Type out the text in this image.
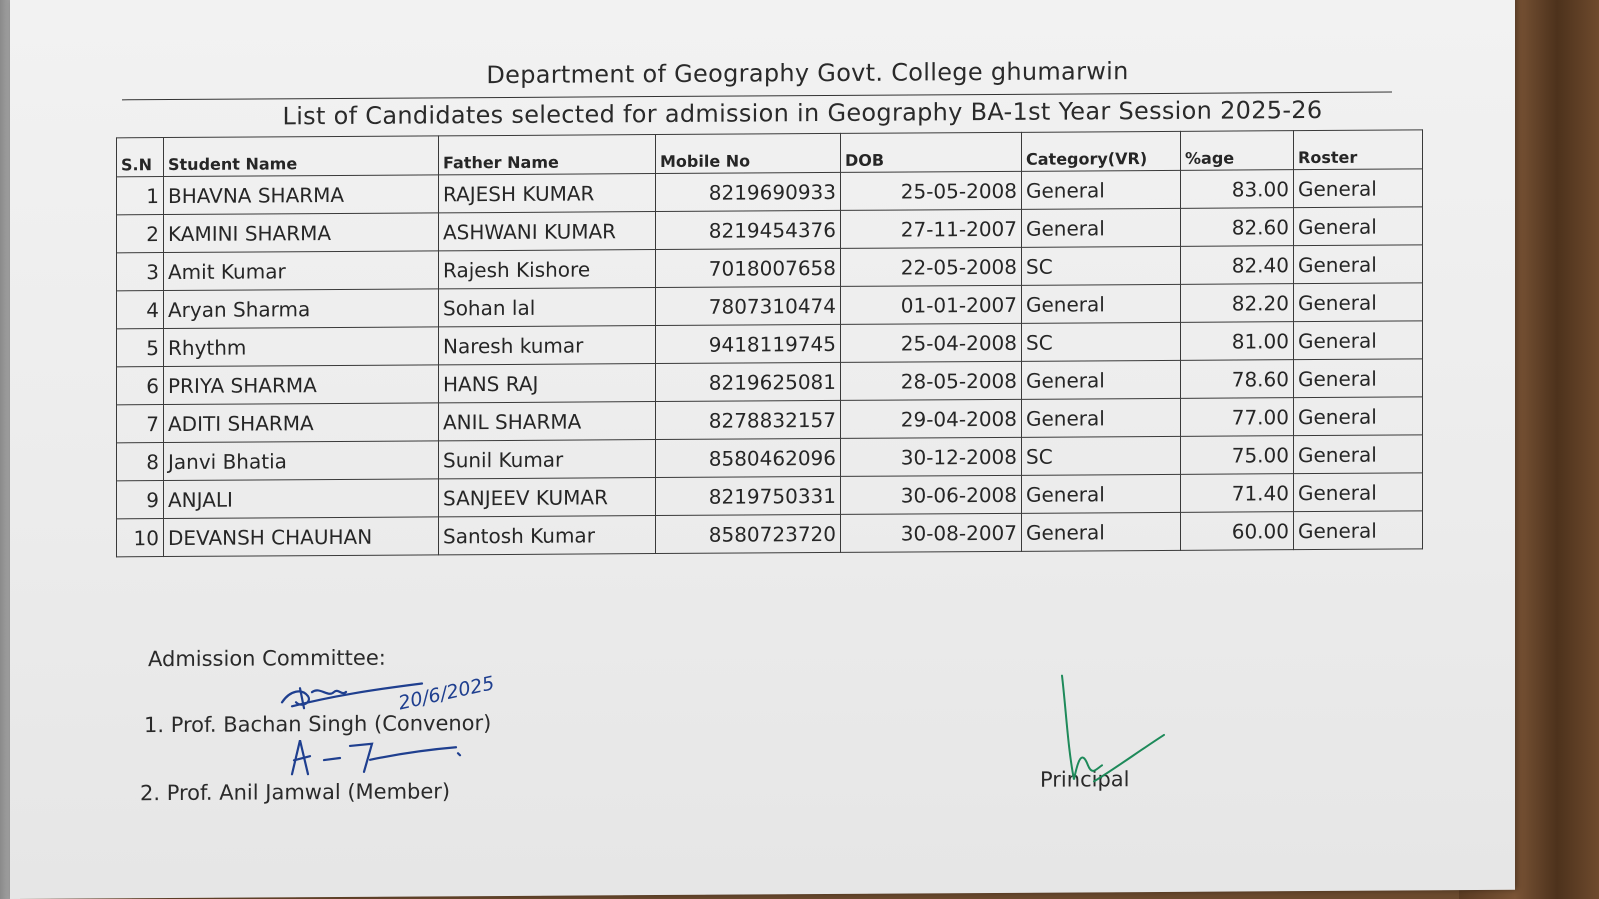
Department of Geography Govt. College ghumarwin
List of Candidates selected for admission in Geography BA-1st Year Session 2025-26
S.N	Student Name	Father Name	Mobile No	DOB	Category(VR)	%age	Roster
1	BHAVNA SHARMA	RAJESH KUMAR	8219690933	25-05-2008	General	83.00	General
2	KAMINI SHARMA	ASHWANI KUMAR	8219454376	27-11-2007	General	82.60	General
3	Amit Kumar	Rajesh Kishore	7018007658	22-05-2008	SC	82.40	General
4	Aryan Sharma	Sohan lal	7807310474	01-01-2007	General	82.20	General
5	Rhythm	Naresh kumar	9418119745	25-04-2008	SC	81.00	General
6	PRIYA SHARMA	HANS RAJ	8219625081	28-05-2008	General	78.60	General
7	ADITI SHARMA	ANIL SHARMA	8278832157	29-04-2008	General	77.00	General
8	Janvi Bhatia	Sunil Kumar	8580462096	30-12-2008	SC	75.00	General
9	ANJALI	SANJEEV KUMAR	8219750331	30-06-2008	General	71.40	General
10	DEVANSH CHAUHAN	Santosh Kumar	8580723720	30-08-2007	General	60.00	General
Admission Committee:
1. Prof. Bachan Singh (Convenor)
2. Prof. Anil Jamwal (Member)	Principal
20/6/2025
